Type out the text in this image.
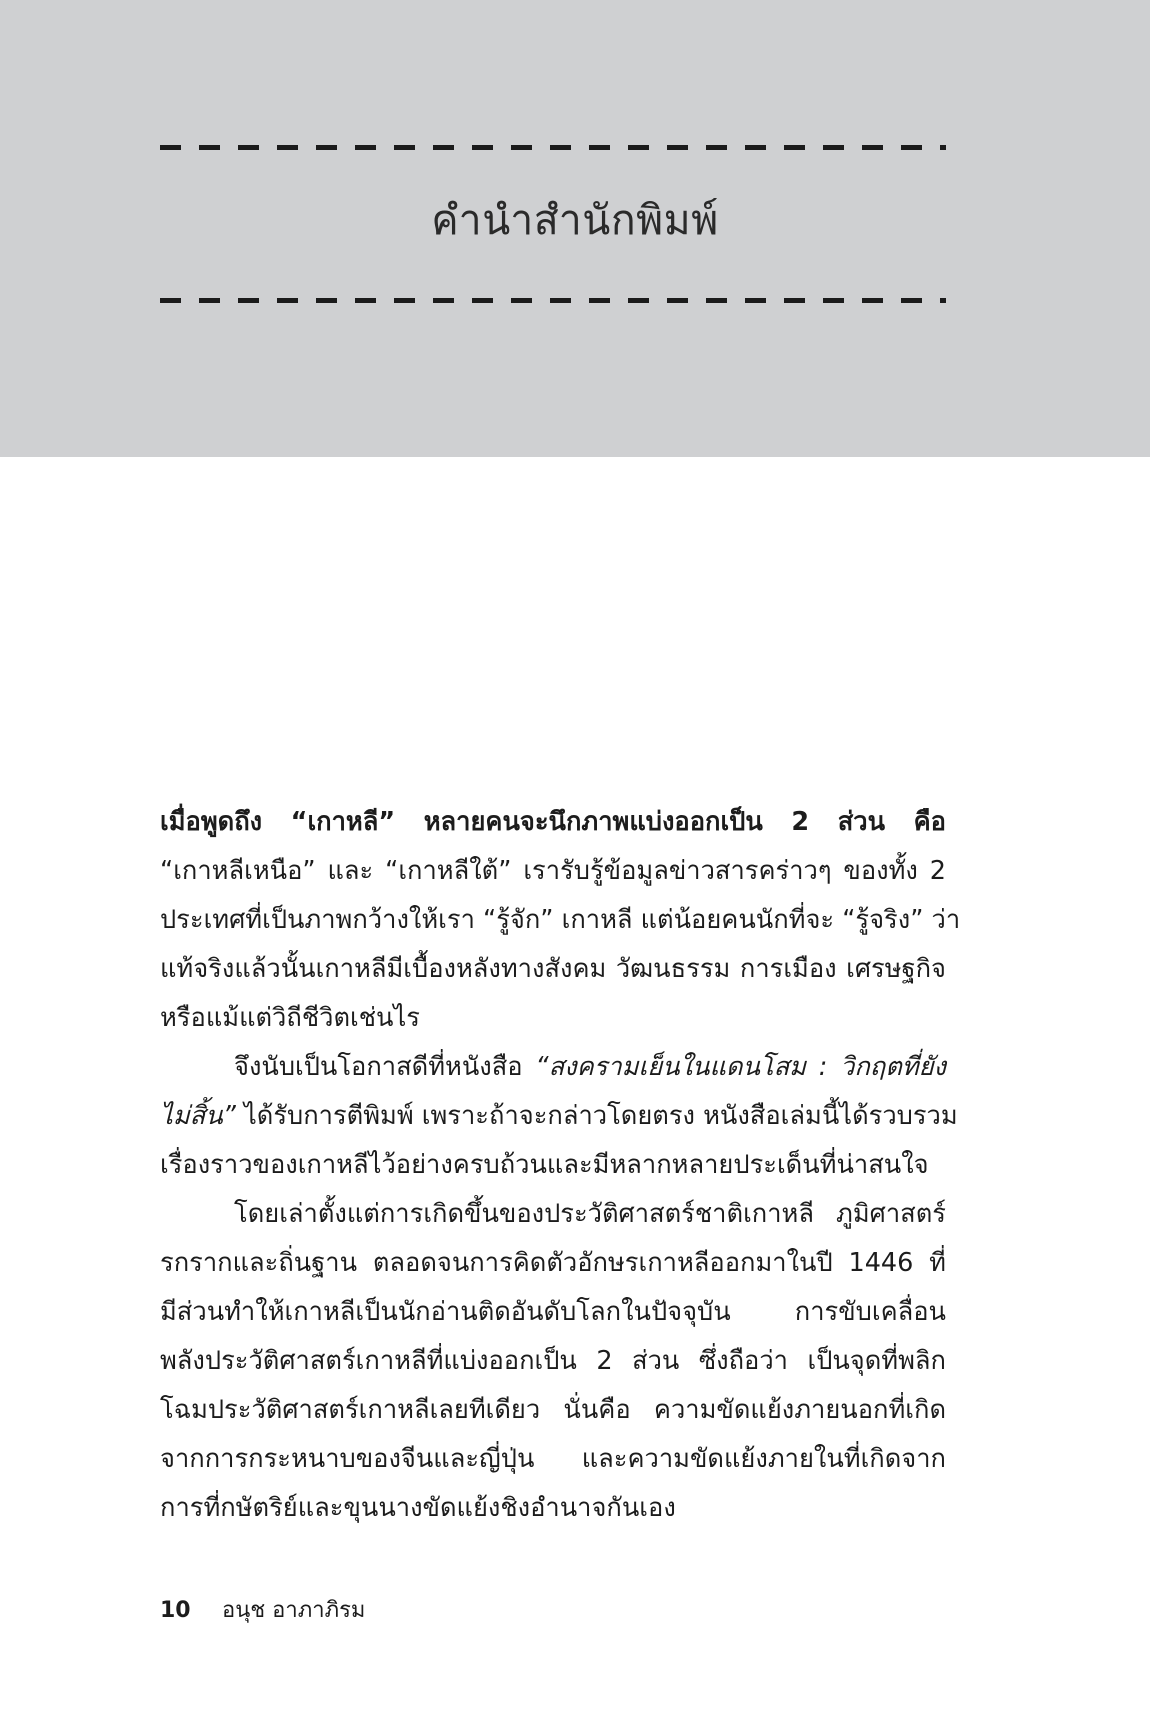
คำนำสำนักพิมพ์
เมื่อพูดถึง “เกาหลี” หลายคนจะนึกภาพแบ่งออกเป็น 2 ส่วน คือ
“เกาหลีเหนือ” และ “เกาหลีใต้” เรารับรู้ข้อมูลข่าวสารคร่าวๆ ของทั้ง 2
ประเทศที่เป็นภาพกว้างให้เรา “รู้จัก” เกาหลี แต่น้อยคนนักที่จะ “รู้จริง” ว่า
แท้จริงแล้วนั้นเกาหลีมีเบื้องหลังทางสังคม วัฒนธรรม การเมือง เศรษฐกิจ
หรือแม้แต่วิถีชีวิตเช่นไร
จึงนับเป็นโอกาสดีที่หนังสือ “สงครามเย็นในแดนโสม : วิกฤตที่ยัง
ไม่สิ้น” ได้รับการตีพิมพ์ เพราะถ้าจะกล่าวโดยตรง หนังสือเล่มนี้ได้รวบรวม
เรื่องราวของเกาหลีไว้อย่างครบถ้วนและมีหลากหลายประเด็นที่น่าสนใจ
โดยเล่าตั้งแต่การเกิดขึ้นของประวัติศาสตร์ชาติเกาหลี ภูมิศาสตร์
รกรากและถิ่นฐาน ตลอดจนการคิดตัวอักษรเกาหลีออกมาในปี 1446 ที่
มีส่วนทำให้เกาหลีเป็นนักอ่านติดอันดับโลกในปัจจุบัน การขับเคลื่อน
พลังประวัติศาสตร์เกาหลีที่แบ่งออกเป็น 2 ส่วน ซึ่งถือว่า เป็นจุดที่พลิก
โฉมประวัติศาสตร์เกาหลีเลยทีเดียว นั่นคือ ความขัดแย้งภายนอกที่เกิด
จากการกระหนาบของจีนและญี่ปุ่น และความขัดแย้งภายในที่เกิดจาก
การที่กษัตริย์และขุนนางขัดแย้งชิงอำนาจกันเอง
10 อนุช อาภาภิรม
